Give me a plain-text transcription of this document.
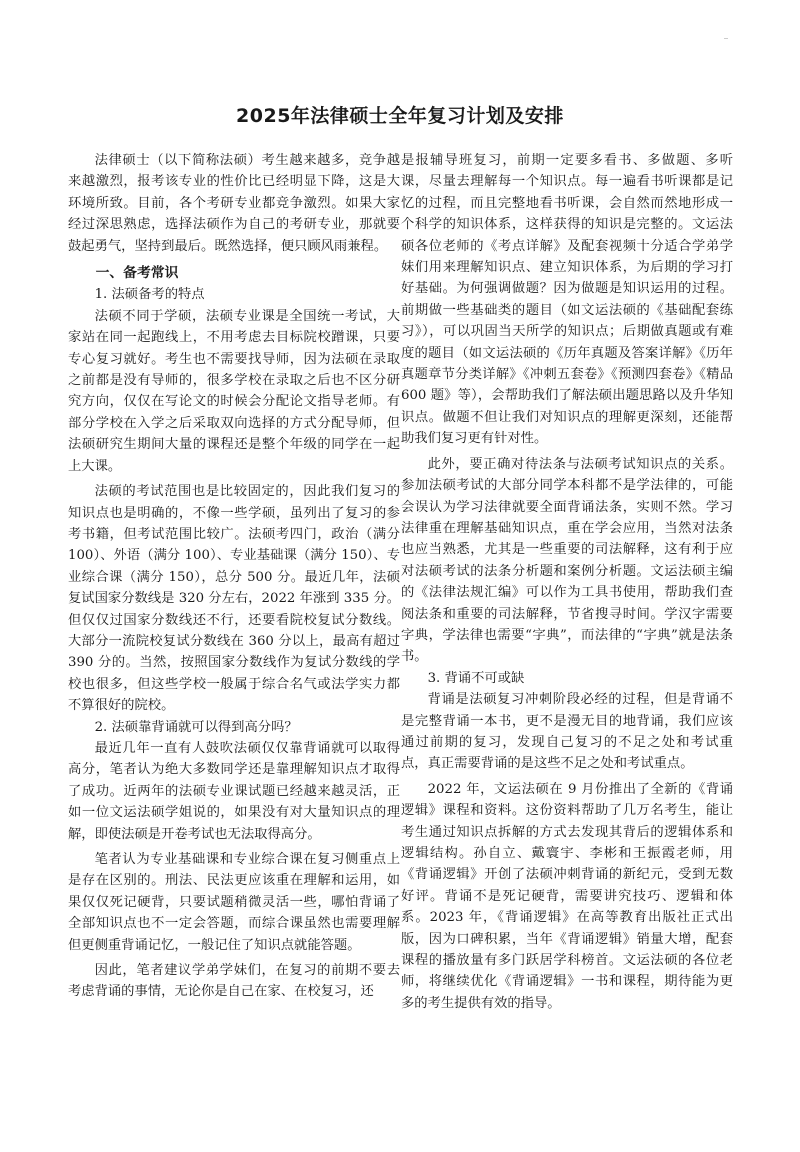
2025年法律硕士全年复习计划及安排

法律硕士（以下简称法硕）考生越来越多，竞争越来越激烈，报考该专业的性价比已经明显下降，这是大环境所致。目前，各个考研专业都竞争激烈。如果大家经过深思熟虑，选择法硕作为自己的考研专业，那就要鼓起勇气，坚持到最后。既然选择，便只顾风雨兼程。

一、备考常识
1. 法硕备考的特点

法硕不同于学硕，法硕专业课是全国统一考试，大家站在同一起跑线上，不用考虑去目标院校蹭课，只要专心复习就好。考生也不需要找导师，因为法硕在录取之前都是没有导师的，很多学校在录取之后也不区分研究方向，仅仅在写论文的时候会分配论文指导老师。有部分学校在入学之后采取双向选择的方式分配导师，但法硕研究生期间大量的课程还是整个年级的同学在一起上大课。

法硕的考试范围也是比较固定的，因此我们复习的知识点也是明确的，不像一些学硕，虽列出了复习的参考书籍，但考试范围比较广。法硕考四门，政治（满分 100）、外语（满分 100）、专业基础课（满分 150）、专业综合课（满分 150），总分 500 分。最近几年，法硕复试国家分数线是 320 分左右，2022 年涨到 335 分。但仅仅过国家分数线还不行，还要看院校复试分数线。大部分一流院校复试分数线在 360 分以上，最高有超过 390 分的。当然，按照国家分数线作为复试分数线的学校也很多，但这些学校一般属于综合名气或法学实力都不算很好的院校。

2. 法硕靠背诵就可以得到高分吗？

最近几年一直有人鼓吹法硕仅仅靠背诵就可以取得高分，笔者认为绝大多数同学还是靠理解知识点才取得了成功。近两年的法硕专业课试题已经越来越灵活，正如一位文运法硕学姐说的，如果没有对大量知识点的理解，即使法硕是开卷考试也无法取得高分。

笔者认为专业基础课和专业综合课在复习侧重点上是存在区别的。刑法、民法更应该重在理解和运用，如果仅仅死记硬背，只要试题稍微灵活一些，哪怕背诵了全部知识点也不一定会答题，而综合课虽然也需要理解但更侧重背诵记忆，一般记住了知识点就能答题。

因此，笔者建议学弟学妹们，在复习的前期不要去考虑背诵的事情，无论你是自己在家、在校复习，还

是报辅导班复习，前期一定要多看书、多做题、多听课，尽量去理解每一个知识点。每一遍看书听课都是记忆的过程，而且完整地看书听课，会自然而然地形成一个科学的知识体系，这样获得的知识是完整的。文运法硕各位老师的《考点详解》及配套视频十分适合学弟学妹们用来理解知识点、建立知识体系，为后期的学习打好基础。为何强调做题？因为做题是知识运用的过程。前期做一些基础类的题目（如文运法硕的《基础配套练习》），可以巩固当天所学的知识点；后期做真题或有难度的题目（如文运法硕的《历年真题及答案详解》《历年真题章节分类详解》《冲刺五套卷》《预测四套卷》《精品 600 题》等），会帮助我们了解法硕出题思路以及升华知识点。做题不但让我们对知识点的理解更深刻，还能帮助我们复习更有针对性。

此外，要正确对待法条与法硕考试知识点的关系。参加法硕考试的大部分同学本科都不是学法律的，可能会误认为学习法律就要全面背诵法条，实则不然。学习法律重在理解基础知识点，重在学会应用，当然对法条也应当熟悉，尤其是一些重要的司法解释，这有利于应对法硕考试的法条分析题和案例分析题。文运法硕主编的《法律法规汇编》可以作为工具书使用，帮助我们查阅法条和重要的司法解释，节省搜寻时间。学汉字需要字典，学法律也需要“字典”，而法律的“字典”就是法条书。

3. 背诵不可或缺

背诵是法硕复习冲刺阶段必经的过程，但是背诵不是完整背诵一本书，更不是漫无目的地背诵，我们应该通过前期的复习，发现自己复习的不足之处和考试重点，真正需要背诵的是这些不足之处和考试重点。

2022 年，文运法硕在 9 月份推出了全新的《背诵逻辑》课程和资料。这份资料帮助了几万名考生，能让考生通过知识点拆解的方式去发现其背后的逻辑体系和逻辑结构。孙自立、戴寰宇、李彬和王振霞老师，用《背诵逻辑》开创了法硕冲刺背诵的新纪元，受到无数好评。背诵不是死记硬背，需要讲究技巧、逻辑和体系。2023 年，《背诵逻辑》在高等教育出版社正式出版，因为口碑积累，当年《背诵逻辑》销量大增，配套课程的播放量有多门跃居学科榜首。文运法硕的各位老师，将继续优化《背诵逻辑》一书和课程，期待能为更多的考生提供有效的指导。
